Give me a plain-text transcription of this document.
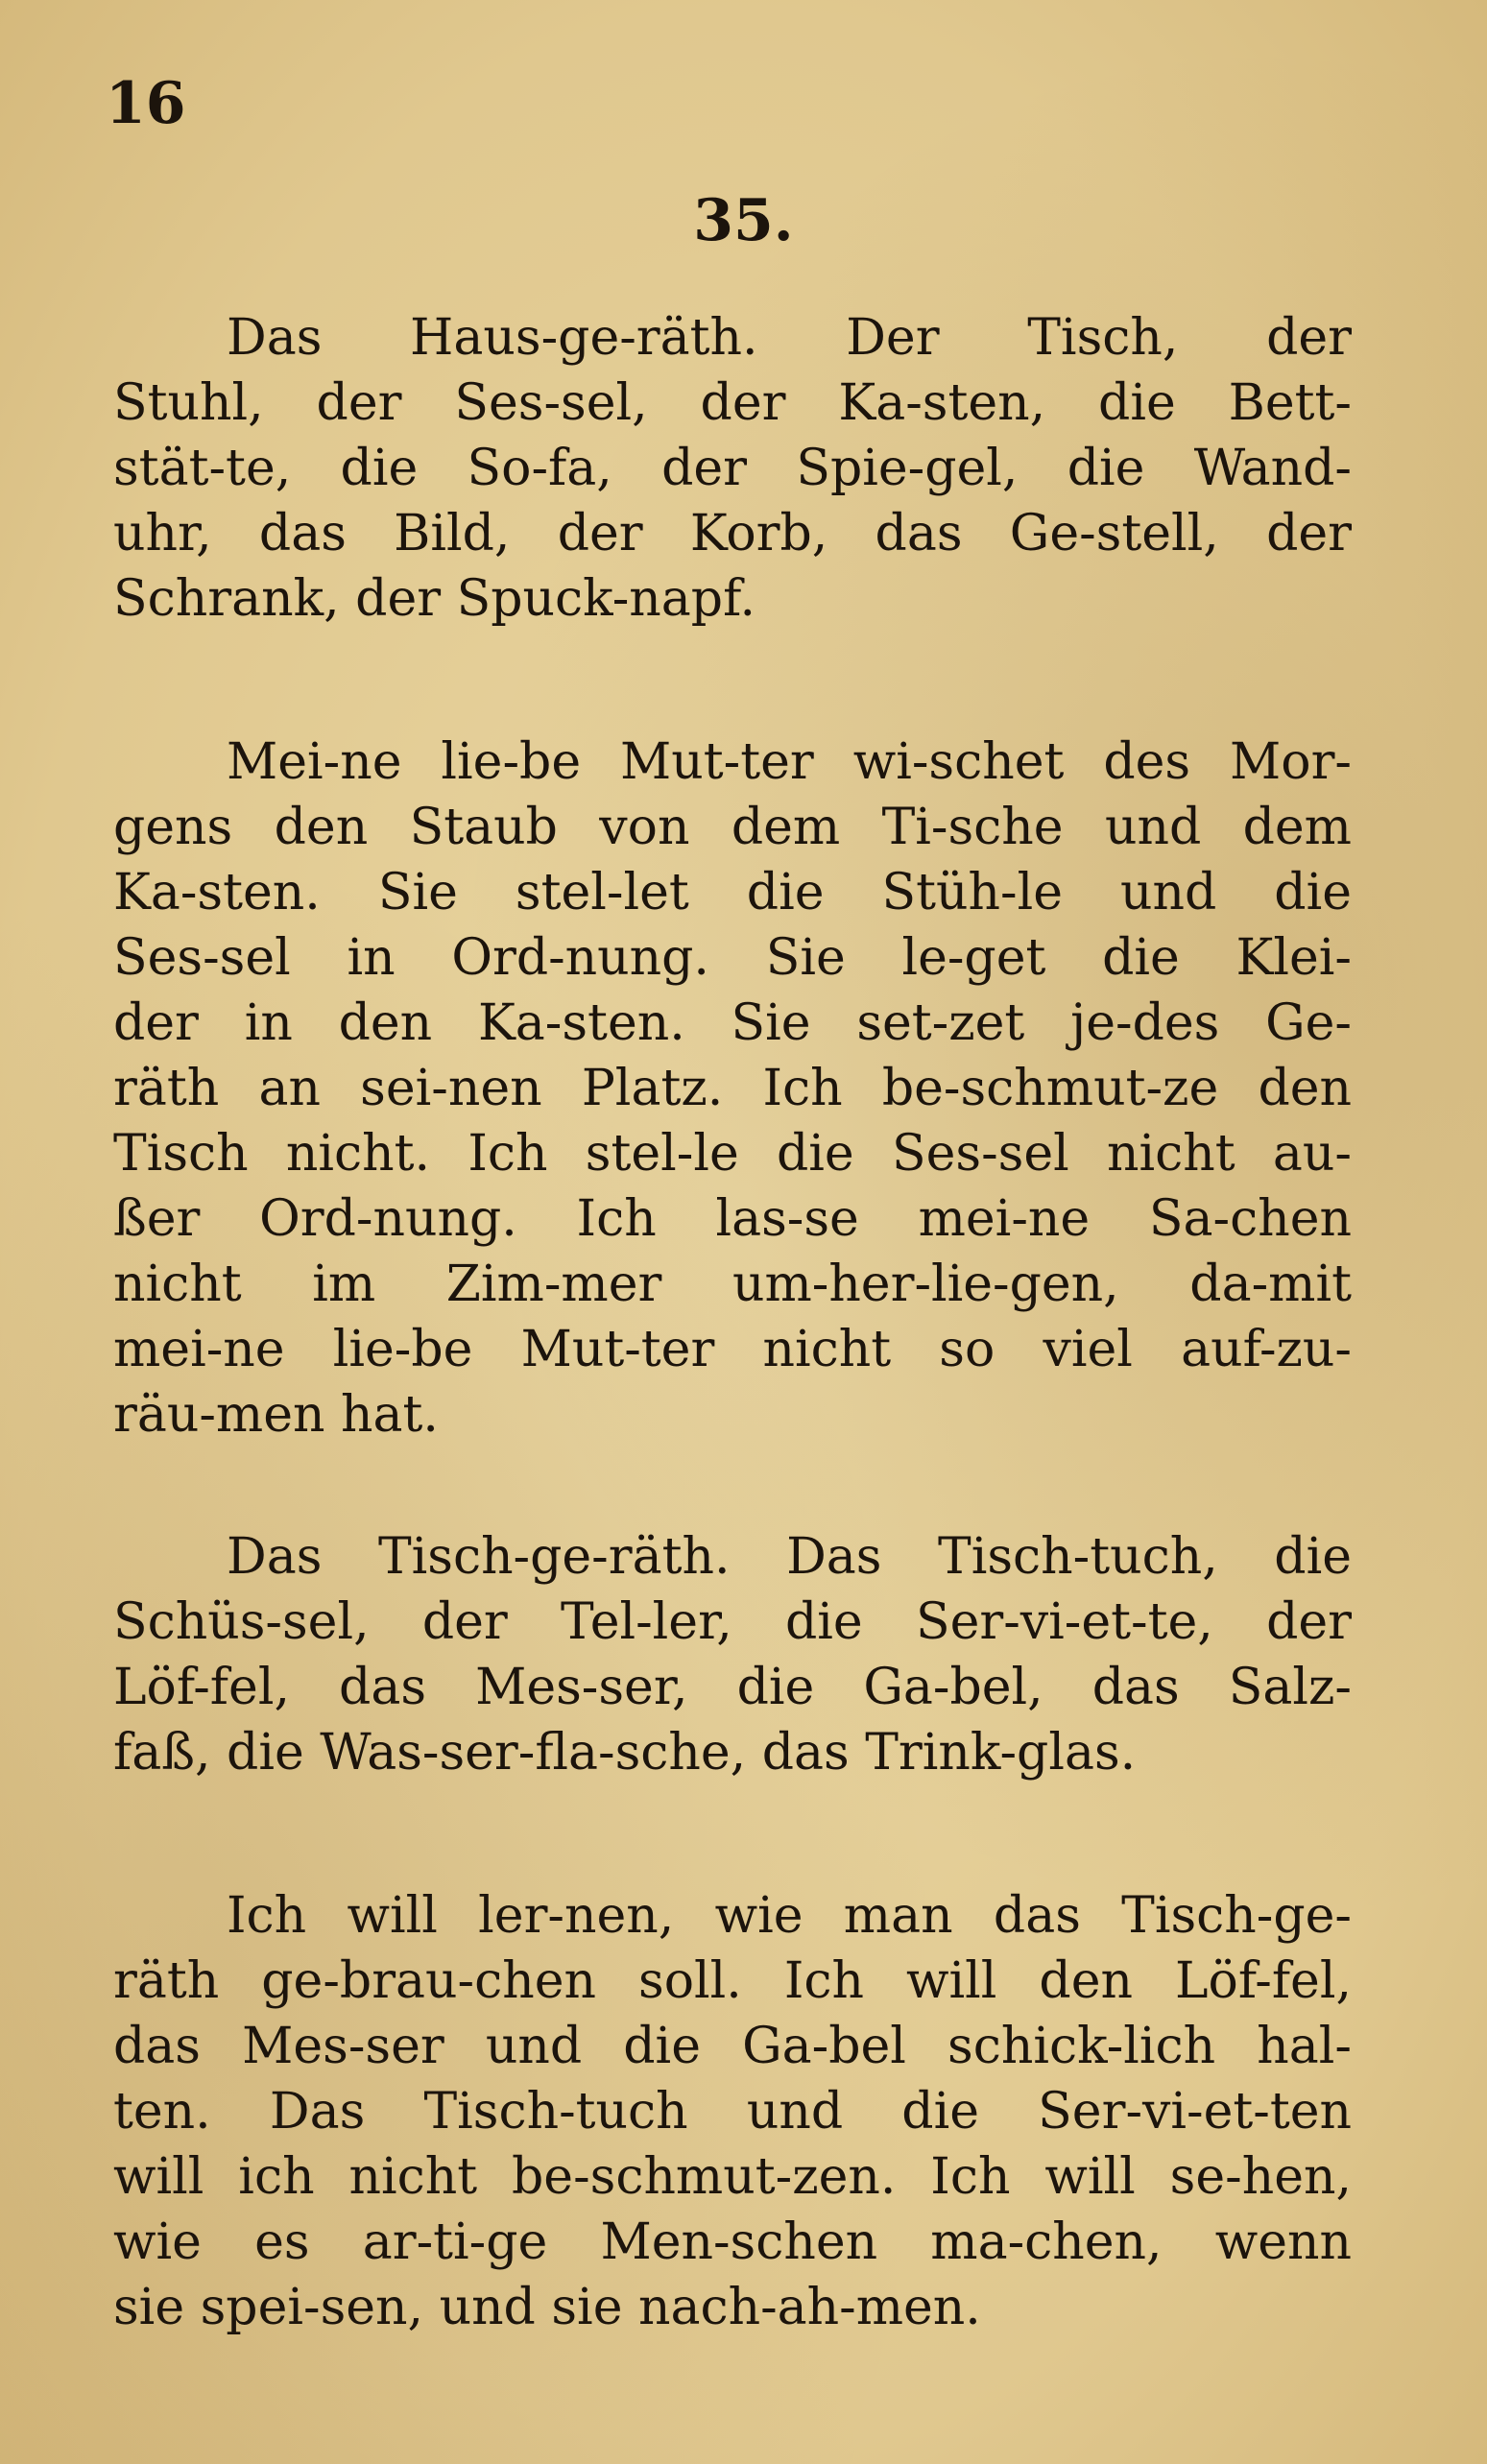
16
35.
Das Haus-ge-räth. Der Tisch, der
Stuhl, der Ses-sel, der Ka-sten, die Bett-
stät-te, die So-fa, der Spie-gel, die Wand-
uhr, das Bild, der Korb, das Ge-stell, der
Schrank, der Spuck-napf.
Mei-ne lie-be Mut-ter wi-schet des Mor-
gens den Staub von dem Ti-sche und dem
Ka-sten. Sie stel-let die Stüh-le und die
Ses-sel in Ord-nung. Sie le-get die Klei-
der in den Ka-sten. Sie set-zet je-des Ge-
räth an sei-nen Platz. Ich be-schmut-ze den
Tisch nicht. Ich stel-le die Ses-sel nicht au-
ßer Ord-nung. Ich las-se mei-ne Sa-chen
nicht im Zim-mer um-her-lie-gen, da-mit
mei-ne lie-be Mut-ter nicht so viel auf-zu-
räu-men hat.
Das Tisch-ge-räth. Das Tisch-tuch, die
Schüs-sel, der Tel-ler, die Ser-vi-et-te, der
Löf-fel, das Mes-ser, die Ga-bel, das Salz-
faß, die Was-ser-fla-sche, das Trink-glas.
Ich will ler-nen, wie man das Tisch-ge-
räth ge-brau-chen soll. Ich will den Löf-fel,
das Mes-ser und die Ga-bel schick-lich hal-
ten. Das Tisch-tuch und die Ser-vi-et-ten
will ich nicht be-schmut-zen. Ich will se-hen,
wie es ar-ti-ge Men-schen ma-chen, wenn
sie spei-sen, und sie nach-ah-men.
